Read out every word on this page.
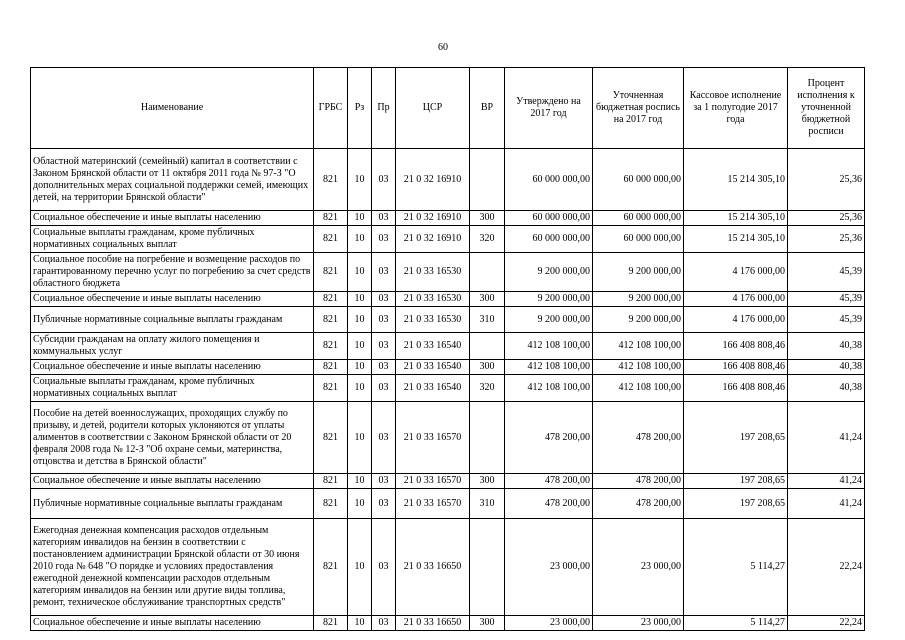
60
Наименование	ГРБС	Рз	Пр	ЦСР	ВР	Утверждено на 2017 год	Уточненная бюджетная роспись на 2017 год	Кассовое исполнение за 1 полугодие 2017 года	Процент исполнения к уточненной бюджетной росписи
Областной материнский (семейный) капитал в соответствии с Законом Брянской области от 11 октября 2011 года № 97-З "О дополнительных мерах социальной поддержки семей, имеющих детей, на территории Брянской области"	821	10	03	21 0 32 16910		60 000 000,00	60 000 000,00	15 214 305,10	25,36
Социальное обеспечение и иные выплаты населению	821	10	03	21 0 32 16910	300	60 000 000,00	60 000 000,00	15 214 305,10	25,36
Социальные выплаты гражданам, кроме публичных нормативных социальных выплат	821	10	03	21 0 32 16910	320	60 000 000,00	60 000 000,00	15 214 305,10	25,36
Социальное пособие на погребение и возмещение расходов по гарантированному перечню услуг по погребению за счет средств областного бюджета	821	10	03	21 0 33 16530		9 200 000,00	9 200 000,00	4 176 000,00	45,39
Социальное обеспечение и иные выплаты населению	821	10	03	21 0 33 16530	300	9 200 000,00	9 200 000,00	4 176 000,00	45,39
Публичные нормативные социальные выплаты гражданам	821	10	03	21 0 33 16530	310	9 200 000,00	9 200 000,00	4 176 000,00	45,39
Субсидии гражданам на оплату жилого помещения и коммунальных услуг	821	10	03	21 0 33 16540		412 108 100,00	412 108 100,00	166 408 808,46	40,38
Социальное обеспечение и иные выплаты населению	821	10	03	21 0 33 16540	300	412 108 100,00	412 108 100,00	166 408 808,46	40,38
Социальные выплаты гражданам, кроме публичных нормативных социальных выплат	821	10	03	21 0 33 16540	320	412 108 100,00	412 108 100,00	166 408 808,46	40,38
Пособие на детей военнослужащих, проходящих службу по призыву, и детей, родители которых уклоняются от уплаты алиментов в соответствии с Законом Брянской области от 20 февраля 2008 года № 12-З "Об охране семьи, материнства, отцовства и детства в Брянской области"	821	10	03	21 0 33 16570		478 200,00	478 200,00	197 208,65	41,24
Социальное обеспечение и иные выплаты населению	821	10	03	21 0 33 16570	300	478 200,00	478 200,00	197 208,65	41,24
Публичные нормативные социальные выплаты гражданам	821	10	03	21 0 33 16570	310	478 200,00	478 200,00	197 208,65	41,24
Ежегодная денежная компенсация расходов отдельным категориям инвалидов на бензин в соответствии с постановлением администрации Брянской области от 30 июня 2010 года № 648 "О порядке и условиях предоставления ежегодной денежной компенсации расходов отдельным категориям инвалидов на бензин или другие виды топлива, ремонт, техническое обслуживание транспортных средств"	821	10	03	21 0 33 16650		23 000,00	23 000,00	5 114,27	22,24
Социальное обеспечение и иные выплаты населению	821	10	03	21 0 33 16650	300	23 000,00	23 000,00	5 114,27	22,24
